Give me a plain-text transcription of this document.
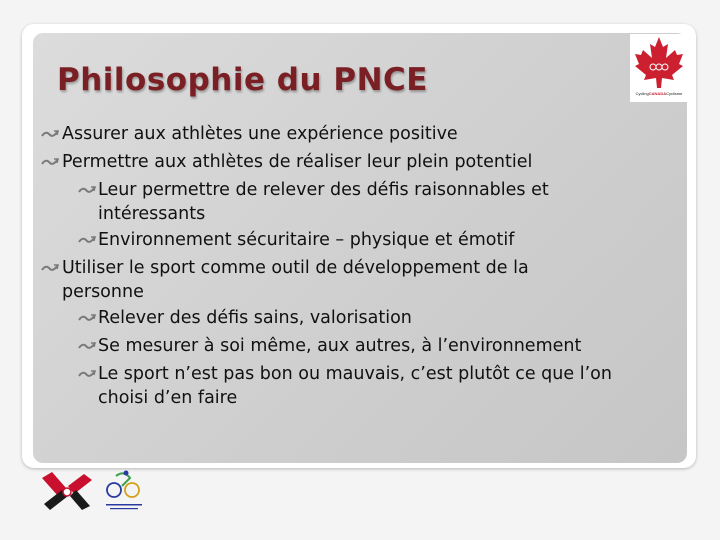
Philosophie du PNCE	CyclingCANADACyclisme
Assurer aux athlètes une expérience positive
Permettre aux athlètes de réaliser leur plein potentiel
Leur permettre de relever des défis raisonnables et
intéressants
Environnement sécuritaire – physique et émotif
Utiliser le sport comme outil de développement de la
personne
Relever des défis sains, valorisation
Se mesurer à soi même, aux autres, à l’environnement
Le sport n’est pas bon ou mauvais, c’est plutôt ce que l’on
choisi d’en faire
